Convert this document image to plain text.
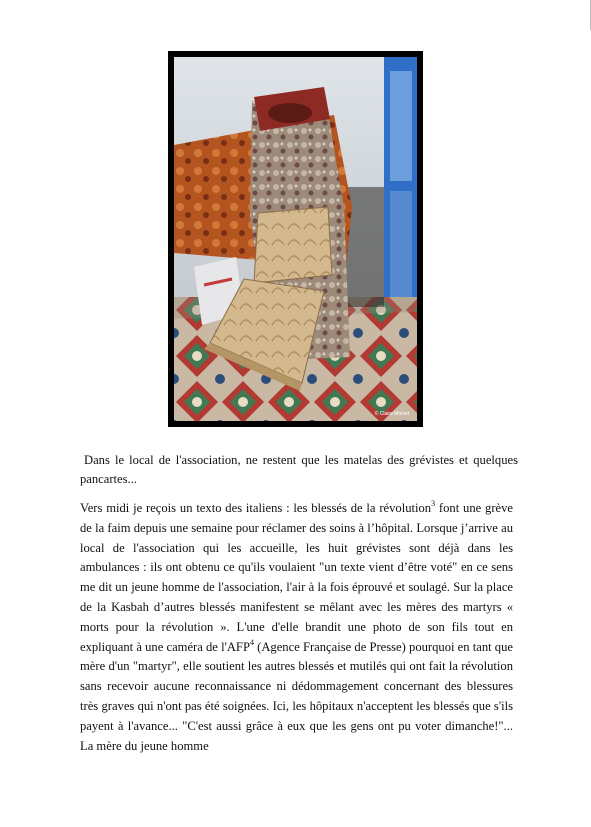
© Claire Moiset

Dans le local de l'association, ne restent que les matelas des grévistes et quelques pancartes...

Vers midi je reçois un texto des italiens : les blessés de la révolution$^3$ font une grève de la faim depuis une semaine pour réclamer des soins à l’hôpital. Lorsque j’arrive au local de l'association qui les accueille, les huit grévistes sont déjà dans les ambulances : ils ont obtenu ce qu'ils voulaient "un texte vient d’être voté" en ce sens me dit un jeune homme de l'association, l'air à la fois éprouvé et soulagé. Sur la place de la Kasbah d’autres blessés manifestent se mêlant avec les mères des martyrs « morts pour la révolution ». L'une d'elle brandit une photo de son fils tout en expliquant à une caméra de l'AFP$^4$ (Agence Française de Presse) pourquoi en tant que mère d'un "martyr", elle soutient les autres blessés et mutilés qui ont fait la révolution sans recevoir aucune reconnaissance ni dédommagement concernant des blessures très graves qui n'ont pas été soignées. Ici, les hôpitaux n'acceptent les blessés que s'ils payent à l'avance... "C'est aussi grâce à eux que les gens ont pu voter dimanche!"... La mère du jeune homme
